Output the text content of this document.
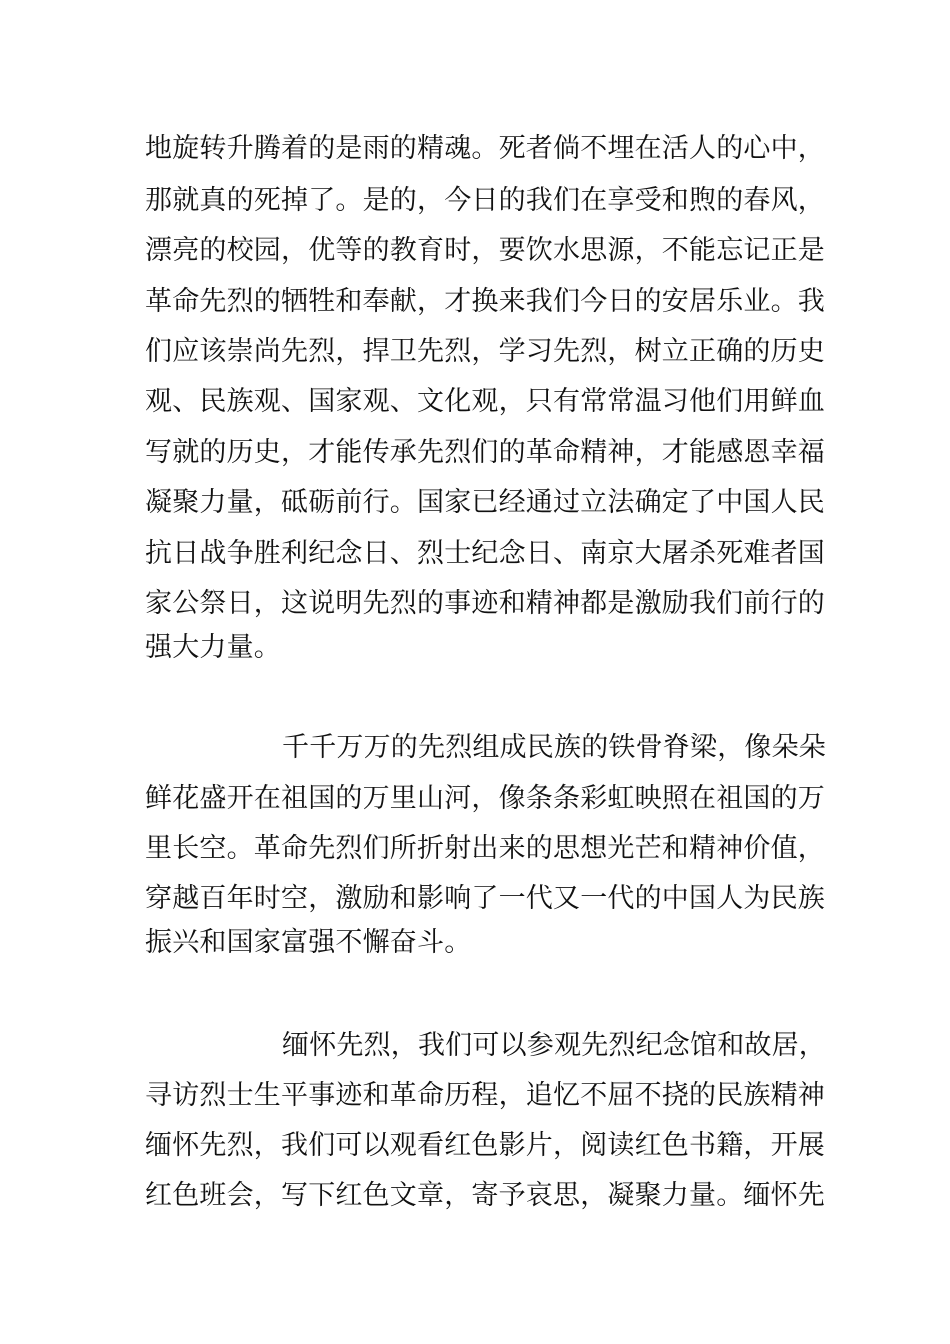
地旋转升腾着的是雨的精魂。死者倘不埋在活人的心中，
那就真的死掉了。是的，今日的我们在享受和煦的春风，
漂亮的校园，优等的教育时，要饮水思源，不能忘记正是
革命先烈的牺牲和奉献，才换来我们今日的安居乐业。我
们应该崇尚先烈，捍卫先烈，学习先烈，树立正确的历史
观、民族观、国家观、文化观，只有常常温习他们用鲜血
写就的历史，才能传承先烈们的革命精神，才能感恩幸福
凝聚力量，砥砺前行。国家已经通过立法确定了中国人民
抗日战争胜利纪念日、烈士纪念日、南京大屠杀死难者国
家公祭日，这说明先烈的事迹和精神都是激励我们前行的
强大力量。
千千万万的先烈组成民族的铁骨脊梁，像朵朵
鲜花盛开在祖国的万里山河，像条条彩虹映照在祖国的万
里长空。革命先烈们所折射出来的思想光芒和精神价值，
穿越百年时空，激励和影响了一代又一代的中国人为民族
振兴和国家富强不懈奋斗。
缅怀先烈，我们可以参观先烈纪念馆和故居，
寻访烈士生平事迹和革命历程，追忆不屈不挠的民族精神
缅怀先烈，我们可以观看红色影片，阅读红色书籍，开展
红色班会，写下红色文章，寄予哀思，凝聚力量。缅怀先
